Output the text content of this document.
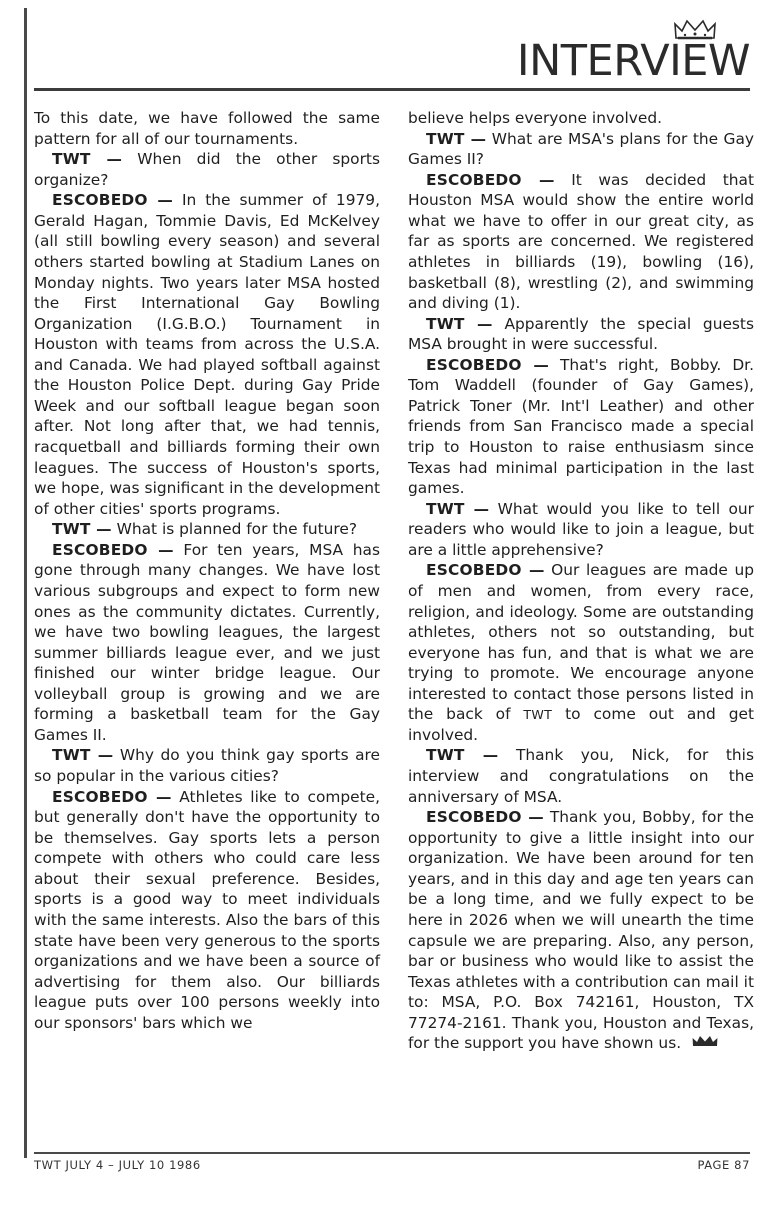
INTERVIEW

To this date, we have followed the same pattern for all of our tournaments.

TWT — When did the other sports organize?

ESCOBEDO — In the summer of 1979, Gerald Hagan, Tommie Davis, Ed McKelvey (all still bowling every season) and several others started bowling at Stadium Lanes on Monday nights. Two years later MSA hosted the First International Gay Bowling Organization (I.G.B.O.) Tournament in Houston with teams from across the U.S.A. and Canada. We had played softball against the Houston Police Dept. during Gay Pride Week and our softball league began soon after. Not long after that, we had tennis, racquetball and billiards forming their own leagues. The success of Houston's sports, we hope, was significant in the development of other cities' sports programs.

TWT — What is planned for the future?

ESCOBEDO — For ten years, MSA has gone through many changes. We have lost various subgroups and expect to form new ones as the community dictates. Currently, we have two bowling leagues, the largest summer billiards league ever, and we just finished our winter bridge league. Our volleyball group is growing and we are forming a basketball team for the Gay Games II.

TWT — Why do you think gay sports are so popular in the various cities?

ESCOBEDO — Athletes like to compete, but generally don't have the opportunity to be themselves. Gay sports lets a person compete with others who could care less about their sexual preference. Besides, sports is a good way to meet individuals with the same interests. Also the bars of this state have been very generous to the sports organizations and we have been a source of advertising for them also. Our billiards league puts over 100 persons weekly into our sponsors' bars which we

believe helps everyone involved.

TWT — What are MSA's plans for the Gay Games II?

ESCOBEDO — It was decided that Houston MSA would show the entire world what we have to offer in our great city, as far as sports are concerned. We registered athletes in billiards (19), bowling (16), basketball (8), wrestling (2), and swimming and diving (1).

TWT — Apparently the special guests MSA brought in were successful.

ESCOBEDO — That's right, Bobby. Dr. Tom Waddell (founder of Gay Games), Patrick Toner (Mr. Int'l Leather) and other friends from San Francisco made a special trip to Houston to raise enthusiasm since Texas had minimal participation in the last games.

TWT — What would you like to tell our readers who would like to join a league, but are a little apprehensive?

ESCOBEDO — Our leagues are made up of men and women, from every race, religion, and ideology. Some are outstanding athletes, others not so outstanding, but everyone has fun, and that is what we are trying to promote. We encourage anyone interested to contact those persons listed in the back of TWT to come out and get involved.

TWT — Thank you, Nick, for this interview and congratulations on the anniversary of MSA.

ESCOBEDO — Thank you, Bobby, for the opportunity to give a little insight into our organization. We have been around for ten years, and in this day and age ten years can be a long time, and we fully expect to be here in 2026 when we will unearth the time capsule we are preparing. Also, any person, bar or business who would like to assist the Texas athletes with a contribution can mail it to: MSA, P.O. Box 742161, Houston, TX 77274-2161. Thank you, Houston and Texas, for the support you have shown us.

TWT JULY 4 – JULY 10 1986	PAGE 87
